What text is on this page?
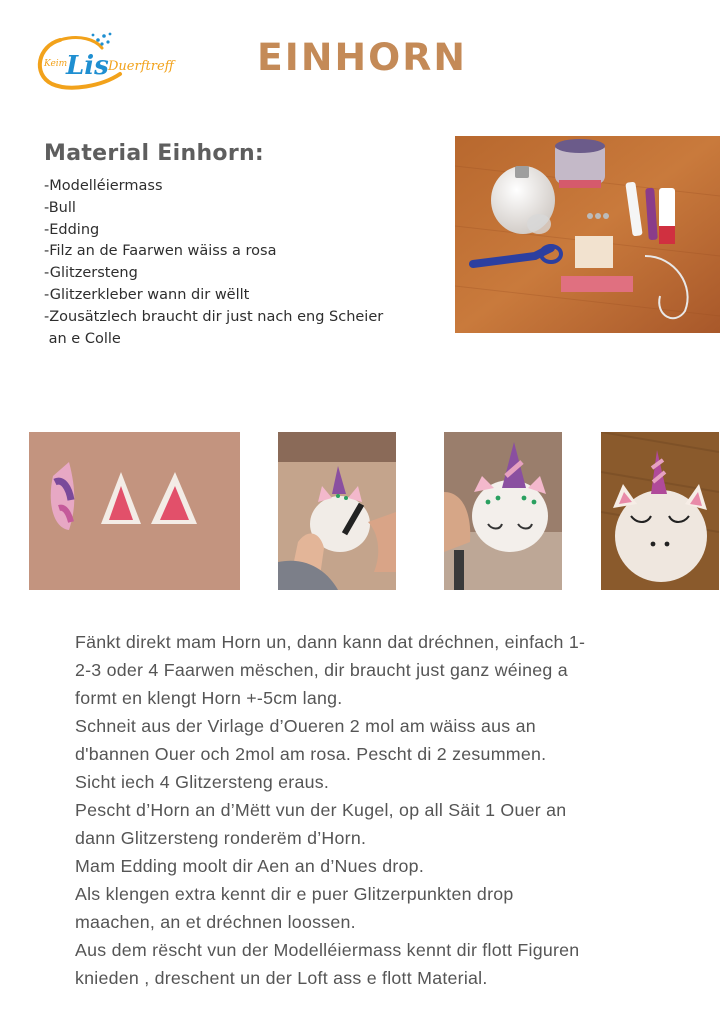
Keim
Lis Duerftreff	EINHORN
Material Einhorn:
-Modelléiermass
-Bull
-Edding
-Filz an de Faarwen wäiss a rosa
-Glitzersteng
-Glitzerkleber wann dir wëllt
-Zousätzlech braucht dir just nach eng Scheier
an e Colle

Fänkt direkt mam Horn un, dann kann dat dréchnen, einfach 1-

2-3 oder 4 Faarwen mëschen, dir braucht just ganz wéineg a

formt en klengt Horn +-5cm lang.

Schneit aus der Virlage d’Oueren 2 mol am wäiss aus an

d'bannen Ouer och 2mol am rosa. Pescht di 2 zesummen.

Sicht iech 4 Glitzersteng eraus.

Pescht d’Horn an d’Mëtt vun der Kugel, op all Säit 1 Ouer an

dann Glitzersteng ronderëm d’Horn.

Mam Edding moolt dir Aen an d’Nues drop.

Als klengen extra kennt dir e puer Glitzerpunkten drop

maachen, an et dréchnen loossen.

Aus dem rëscht vun der Modelléiermass kennt dir flott Figuren

knieden , dreschent un der Loft ass e flott Material.
